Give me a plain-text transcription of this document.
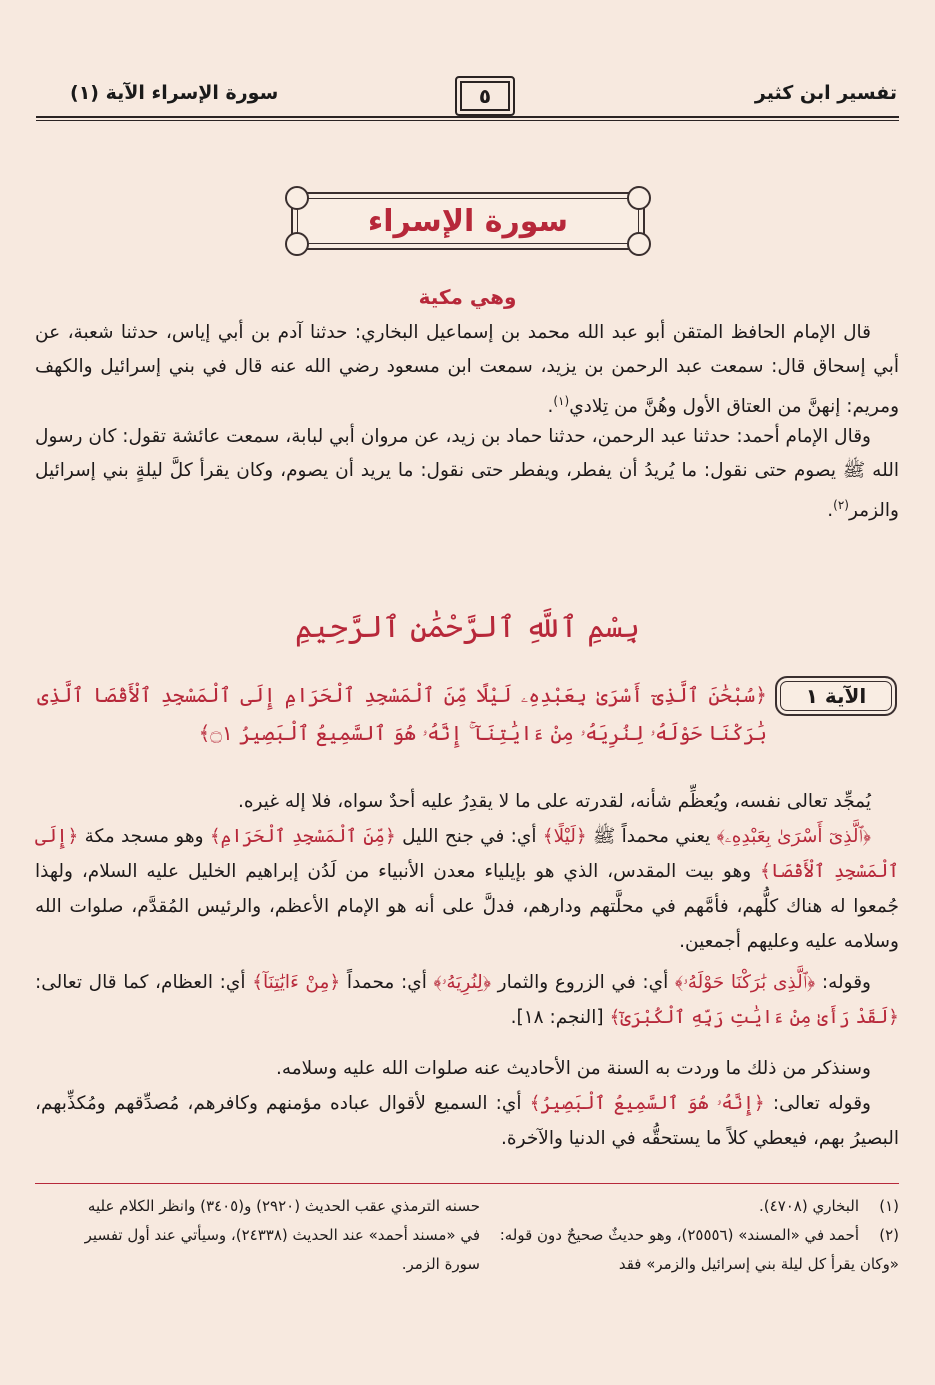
تفسير ابن كثير
٥
سورة الإسراء الآية (١)
سورة الإسراء
وهي مكية
قال الإمام الحافظ المتقن أبو عبد الله محمد بن إسماعيل البخاري: حدثنا آدم بن أبي إياس، حدثنا شعبة، عن أبي إسحاق قال: سمعت عبد الرحمن بن يزيد، سمعت ابن مسعود رضي الله عنه قال في بني إسرائيل والكهف ومريم: إنهنَّ من العتاق الأول وهُنَّ من تِلادي$^{(١)}$.
وقال الإمام أحمد: حدثنا عبد الرحمن، حدثنا حماد بن زيد، عن مروان أبي لبابة، سمعت عائشة تقول: كان رسول الله ﷺ يصوم حتى نقول: ما يُريدُ أن يفطر، ويفطر حتى نقول: ما يريد أن يصوم، وكان يقرأ كلَّ ليلةٍ بني إسرائيل والزمر$^{(٢)}$.
بِسْمِ ٱللَّهِ ٱلرَّحْمَٰنِ ٱلرَّحِيمِ
الآية ١
﴿سُبْحَٰنَ ٱلَّذِىٓ أَسْرَىٰ بِعَبْدِهِۦ لَيْلًا مِّنَ ٱلْمَسْجِدِ ٱلْحَرَامِ إِلَى ٱلْمَسْجِدِ ٱلْأَقْصَا ٱلَّذِى بَٰرَكْنَا حَوْلَهُۥ لِنُرِيَهُۥ مِنْ ءَايَٰتِنَآ ۚ إِنَّهُۥ هُوَ ٱلسَّمِيعُ ٱلْبَصِيرُ ۝١﴾
يُمجِّد تعالى نفسه، ويُعظِّم شأنه، لقدرته على ما لا يقدِرُ عليه أحدٌ سواه، فلا إله غيره.
﴿ٱلَّذِىٓ أَسْرَىٰ بِعَبْدِهِۦ﴾ يعني محمداً ﷺ ﴿لَيْلًا﴾ أي: في جنح الليل ﴿مِّنَ ٱلْمَسْجِدِ ٱلْحَرَامِ﴾ وهو مسجد مكة ﴿إِلَى ٱلْمَسْجِدِ ٱلْأَقْصَا﴾ وهو بيت المقدس، الذي هو بإيلياء معدن الأنبياء من لَدُن إبراهيم الخليل عليه السلام، ولهذا جُمعوا له هناك كلُّهم، فأمَّهم في محلَّتهم ودارهم، فدلَّ على أنه هو الإمام الأعظم، والرئيس المُقدَّم، صلوات الله وسلامه عليه وعليهم أجمعين.
وقوله: ﴿ٱلَّذِى بَٰرَكْنَا حَوْلَهُۥ﴾ أي: في الزروع والثمار ﴿لِنُرِيَهُۥ﴾ أي: محمداً ﴿مِنْ ءَايَٰتِنَآ﴾ أي: العظام، كما قال تعالى: ﴿لَقَدْ رَأَىٰ مِنْ ءَايَٰتِ رَبِّهِ ٱلْكُبْرَىٰٓ﴾ [النجم: ١٨].
وسنذكر من ذلك ما وردت به السنة من الأحاديث عنه صلوات الله عليه وسلامه.
وقوله تعالى: ﴿إِنَّهُۥ هُوَ ٱلسَّمِيعُ ٱلْبَصِيرُ﴾ أي: السميع لأقوال عباده مؤمنهم وكافرهم، مُصدِّقهم ومُكذِّبهم، البصيرُ بهم، فيعطي كلاً ما يستحقُّه في الدنيا والآخرة.
(١)البخاري (٤٧٠٨).
(٢)أحمد في «المسند» (٢٥٥٥٦)، وهو حديثٌ صحيحٌ دون قوله: «وكان يقرأ كل ليلة بني إسرائيل والزمر» فقد
حسنه الترمذي عقب الحديث (٢٩٢٠) و(٣٤٠٥) وانظر الكلام عليه في «مسند أحمد» عند الحديث (٢٤٣٣٨)، وسيأتي عند أول تفسير سورة الزمر.
